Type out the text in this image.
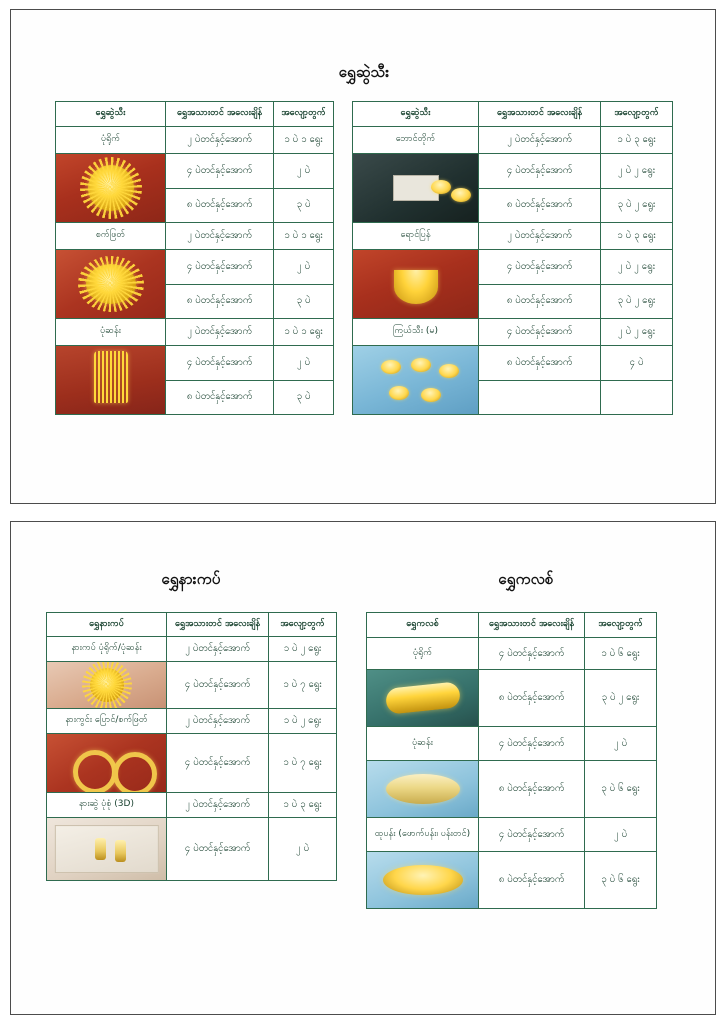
ရွှေဆွဲသီး
ရွှေဆွဲသီး	ရွှေအသားတင် အလေးချိန်	အလျော့တွက်
ပုံရိုက်	၂ ပဲတင်နှင့်အောက်	၁ ပဲ ၁ ရွေး

	၄ ပဲတင်နှင့်အောက်	၂ ပဲ
	၈ ပဲတင်နှင့်အောက်	၃ ပဲ
စက်ဖြတ်	၂ ပဲတင်နှင့်အောက်	၁ ပဲ ၁ ရွေး

	၄ ပဲတင်နှင့်အောက်	၂ ပဲ
	၈ ပဲတင်နှင့်အောက်	၃ ပဲ
ပုံဆန်း	၂ ပဲတင်နှင့်အောက်	၁ ပဲ ၁ ရွေး

	၄ ပဲတင်နှင့်အောက်	၂ ပဲ
	၈ ပဲတင်နှင့်အောက်	၃ ပဲ
ရွှေဆွဲသီး	ရွှေအသားတင် အလေးချိန်	အလျော့တွက်
ဘောင်တိုက်	၂ ပဲတင်နှင့်အောက်	၁ ပဲ ၃ ရွေး

	၄ ပဲတင်နှင့်အောက်	၂ ပဲ ၂ ရွေး
	၈ ပဲတင်နှင့်အောက်	၃ ပဲ ၂ ရွေး
ရောင်ပြန်	၂ ပဲတင်နှင့်အောက်	၁ ပဲ ၃ ရွေး

	၄ ပဲတင်နှင့်အောက်	၂ ပဲ ၂ ရွေး
	၈ ပဲတင်နှင့်အောက်	၃ ပဲ ၂ ရွေး
ကြယ်သီး (မ)	၄ ပဲတင်နှင့်အောက်	၂ ပဲ ၂ ရွေး

	၈ ပဲတင်နှင့်အောက်	၄ ပဲ

ရွှေနားကပ်	ရွှေကလစ်
ရွှေနားကပ်	ရွှေအသားတင် အလေးချိန်	အလျော့တွက်
နားကပ် ပုံရိုက်/ပုံဆန်း	၂ ပဲတင်နှင့်အောက်	၁ ပဲ ၂ ရွေး

	၄ ပဲတင်နှင့်အောက်	၁ ပဲ ၇ ရွေး
နားကွင်း ပြောင်/စက်ဖြတ်	၂ ပဲတင်နှင့်အောက်	၁ ပဲ ၂ ရွေး

	၄ ပဲတင်နှင့်အောက်	၁ ပဲ ၇ ရွေး
နားဆွဲ ပုံစုံ (3D)	၂ ပဲတင်နှင့်အောက်	၁ ပဲ ၃ ရွေး

	၄ ပဲတင်နှင့်အောက်	၂ ပဲ
ရွှေကလစ်	ရွှေအသားတင် အလေးချိန်	အလျော့တွက်
ပုံရိုက်	၄ ပဲတင်နှင့်အောက်	၁ ပဲ ၆ ရွေး

	၈ ပဲတင်နှင့်အောက်	၃ ပဲ ၂ ရွေး
ပုံဆန်း	၄ ပဲတင်နှင့်အောက်	၂ ပဲ

	၈ ပဲတင်နှင့်အောက်	၃ ပဲ ၆ ရွေး
ထုပန်း (ဖောက်ပန်း၊ ပန်းတင်)	၄ ပဲတင်နှင့်အောက်	၂ ပဲ

	၈ ပဲတင်နှင့်အောက်	၃ ပဲ ၆ ရွေး
